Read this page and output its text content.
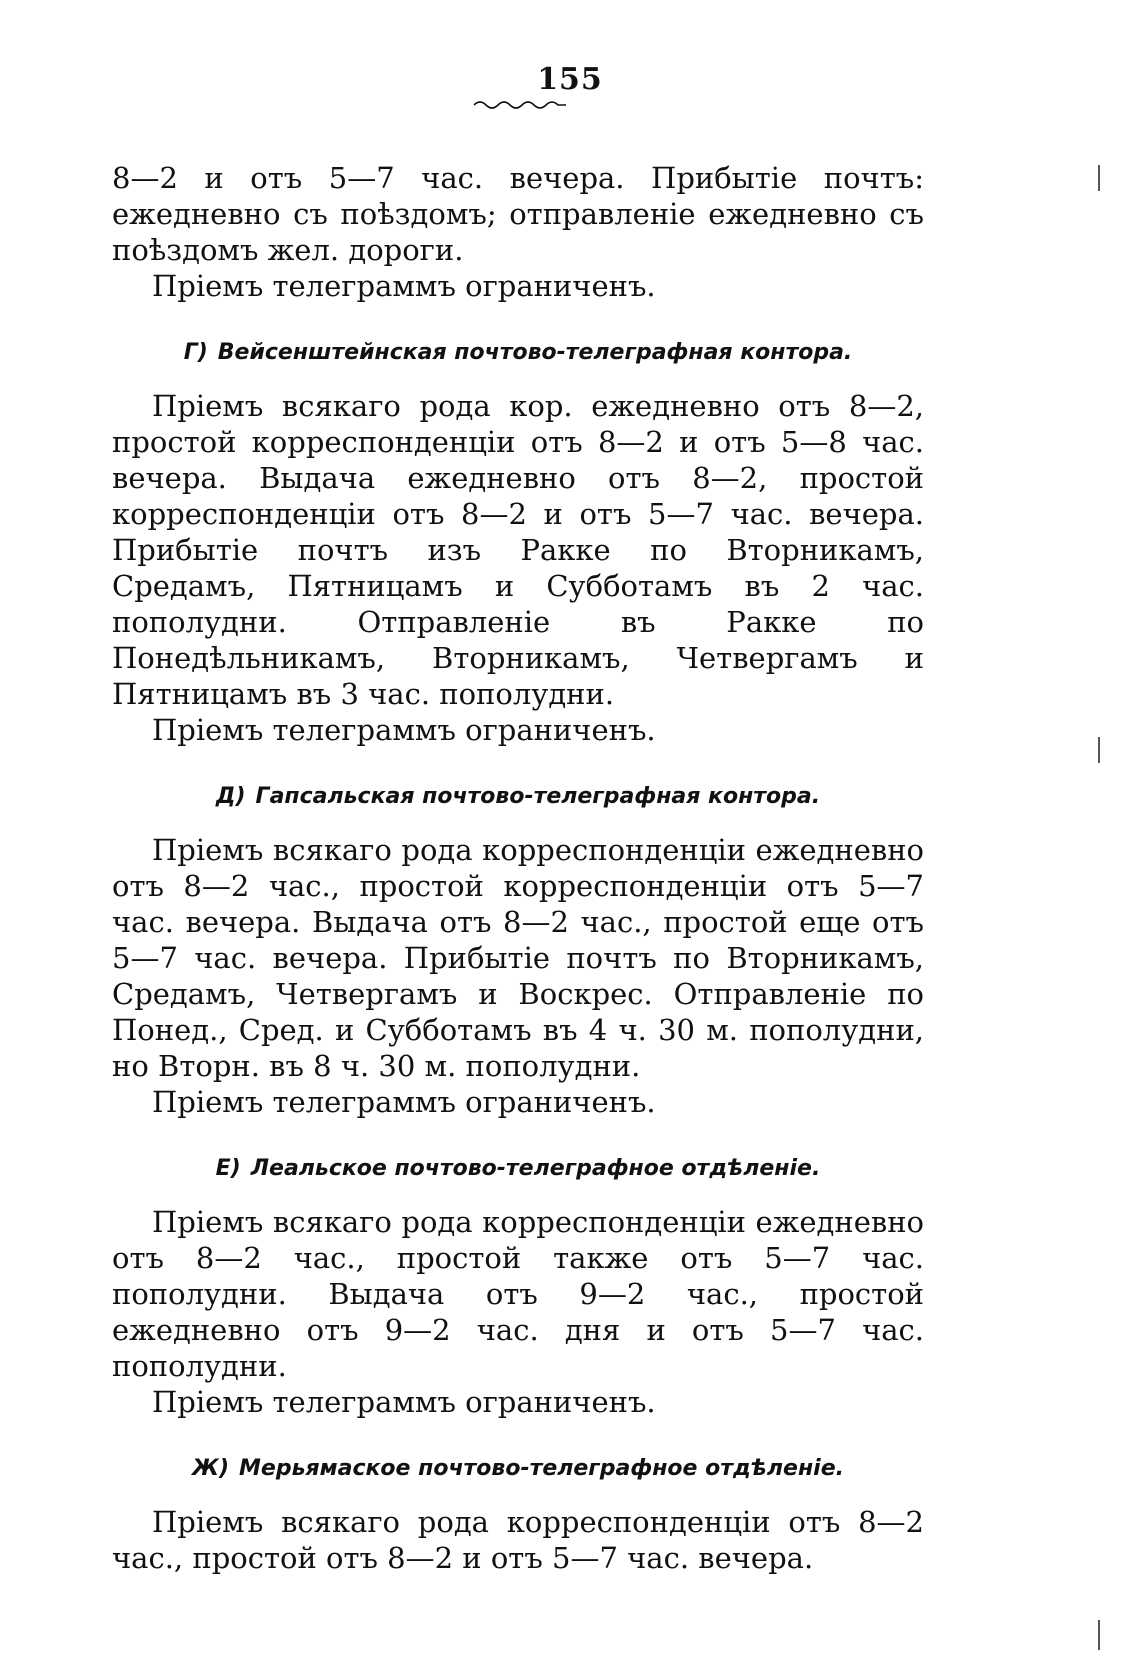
155

8—2 и отъ 5—7 час. вечера. Прибытіе почтъ: ежедневно съ поѣздомъ; отправленіе ежедневно съ поѣздомъ жел. дороги.

Пріемъ телеграммъ ограниченъ.

Г) Вейсенштейнская почтово-телеграфная контора.

Пріемъ всякаго рода кор. ежедневно отъ 8—2, простой корреспонденціи отъ 8—2 и отъ 5—8 час. вечера. Выдача ежедневно отъ 8—2, простой корреспонденціи отъ 8—2 и отъ 5—7 час. вечера. Прибытіе почтъ изъ Ракке по Вторникамъ, Средамъ, Пятницамъ и Субботамъ въ 2 час. пополудни. Отправленіе въ Ракке по Понедѣльникамъ, Вторникамъ, Четвергамъ и Пятницамъ въ 3 час. пополудни.

Пріемъ телеграммъ ограниченъ.

Д) Гапсальская почтово-телеграфная контора.

Пріемъ всякаго рода корреспонденціи ежедневно отъ 8—2 час., простой корреспонденціи отъ 5—7 час. вечера. Выдача отъ 8—2 час., простой еще отъ 5—7 час. вечера. Прибытіе почтъ по Вторникамъ, Средамъ, Четвергамъ и Воскрес. Отправленіе по Понед., Сред. и Субботамъ въ 4 ч. 30 м. пополудни, но Вторн. въ 8 ч. 30 м. пополудни.

Пріемъ телеграммъ ограниченъ.

Е) Леальское почтово-телеграфное отдѣленіе.

Пріемъ всякаго рода корреспонденціи ежедневно отъ 8—2 час., простой также отъ 5—7 час. пополудни. Выдача отъ 9—2 час., простой ежедневно отъ 9—2 час. дня и отъ 5—7 час. пополудни.

Пріемъ телеграммъ ограниченъ.

Ж) Мерьямаское почтово-телеграфное отдѣленіе.

Пріемъ всякаго рода корреспонденціи отъ 8—2 час., простой отъ 8—2 и отъ 5—7 час. вечера.
